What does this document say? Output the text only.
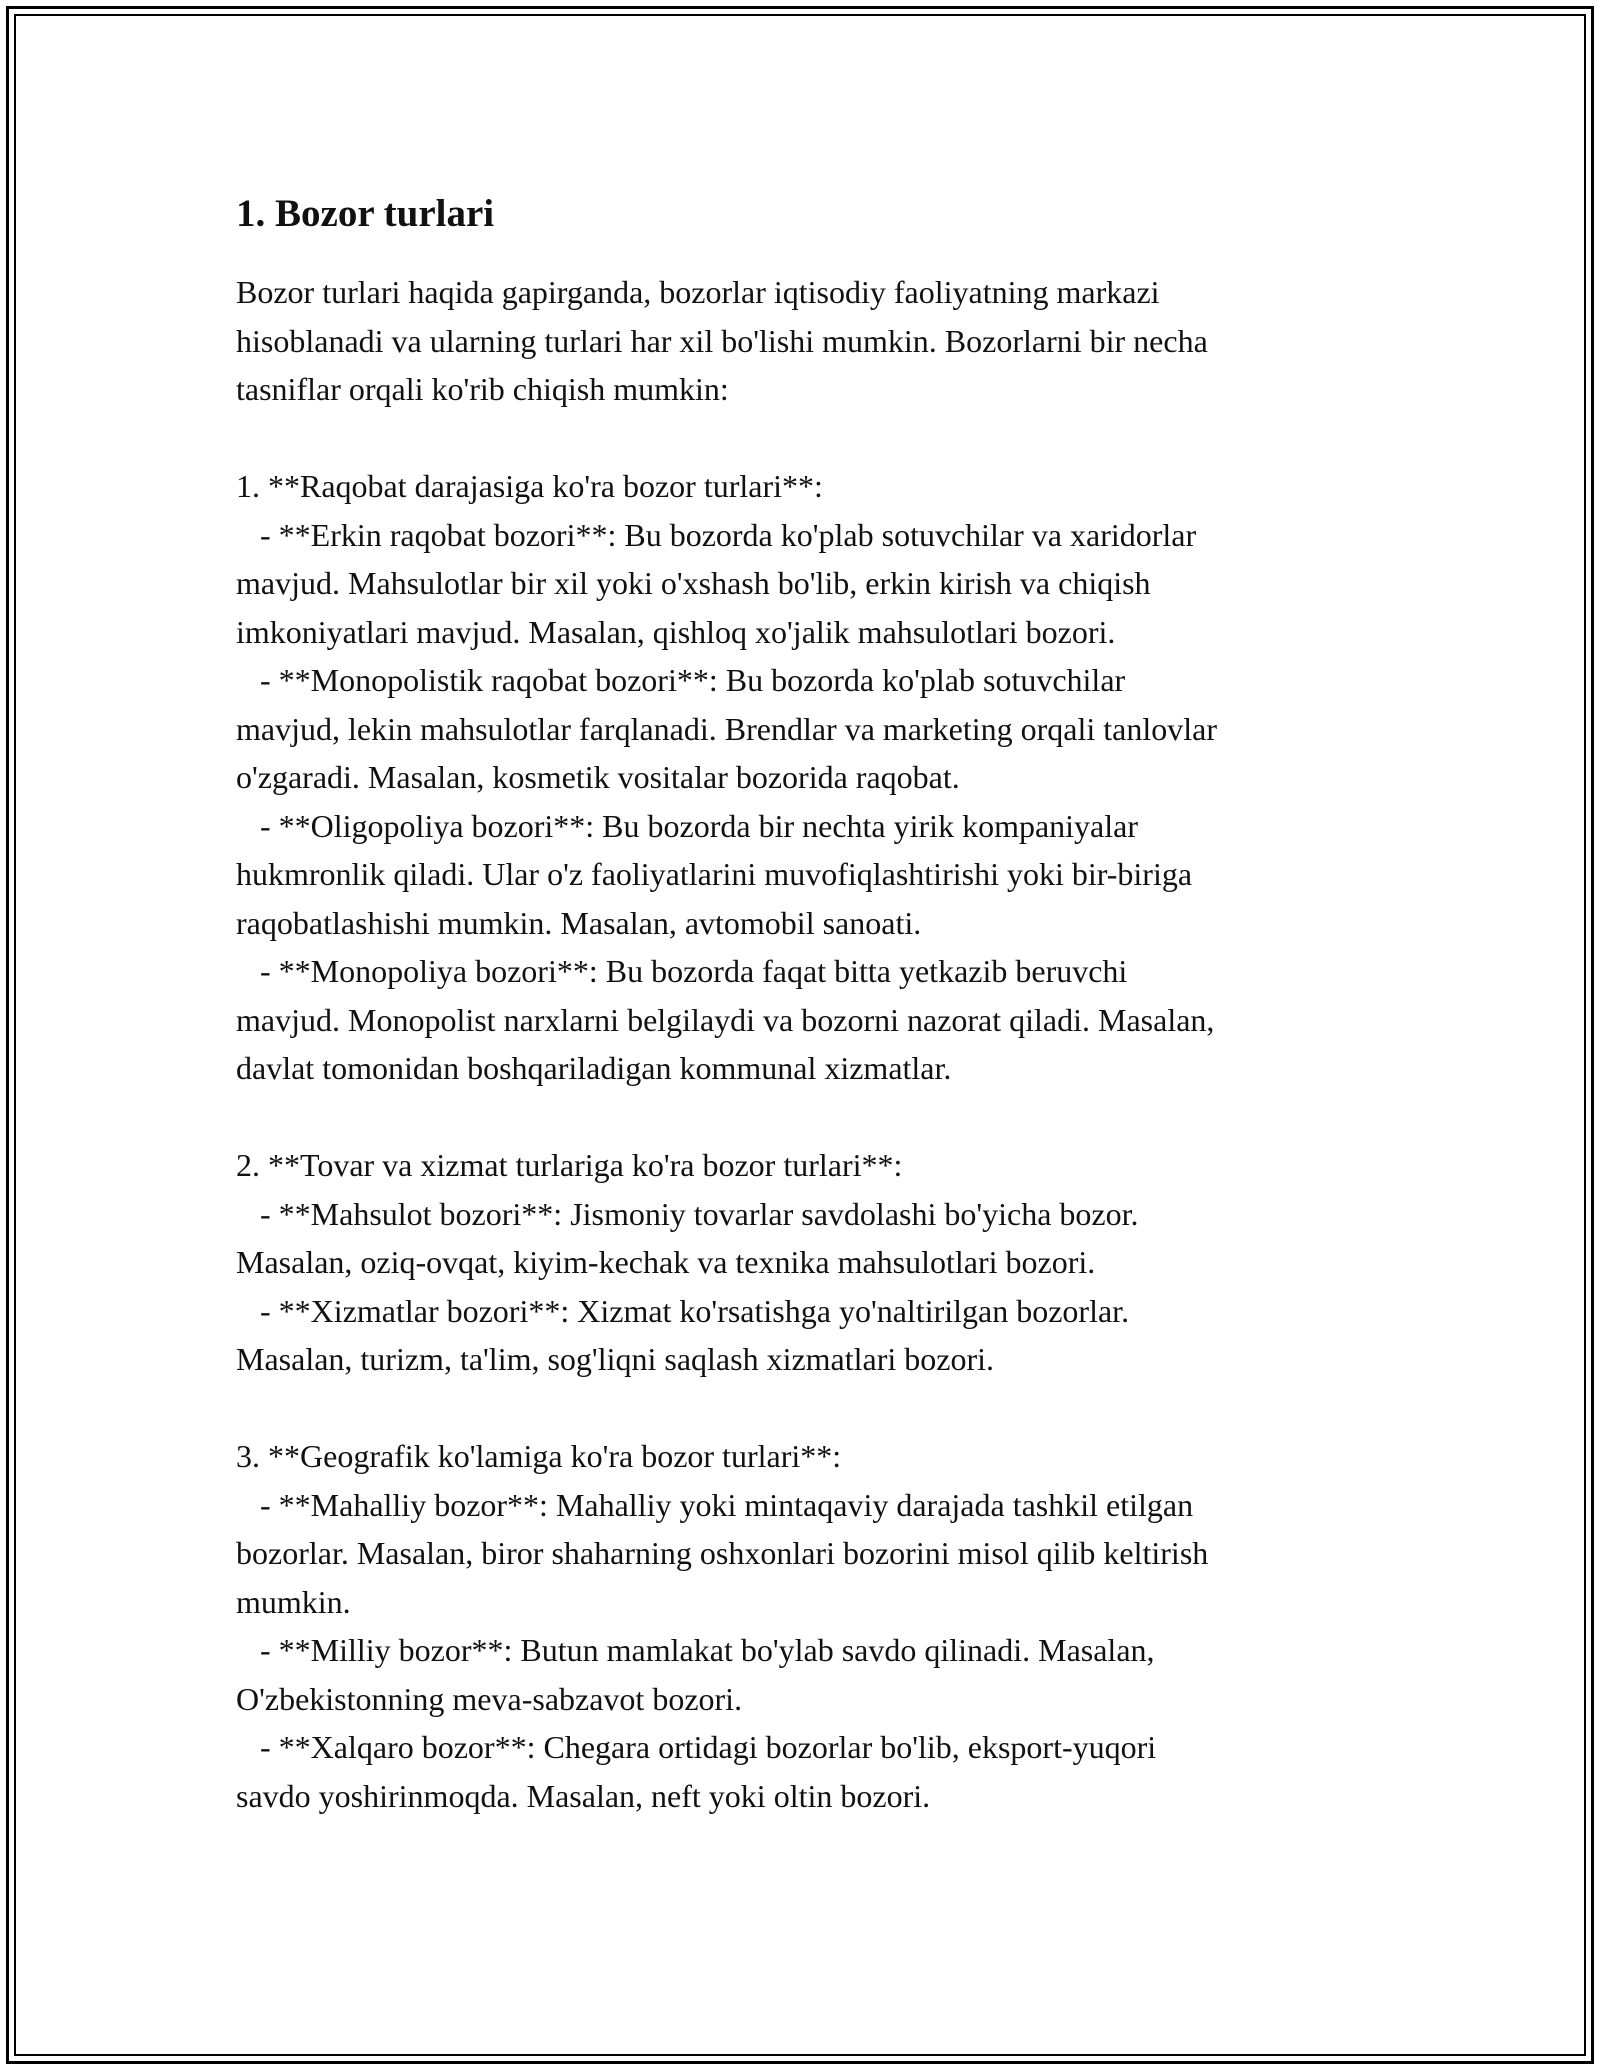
1. Bozor turlari

Bozor turlari haqida gapirganda, bozorlar iqtisodiy faoliyatning markazi
hisoblanadi va ularning turlari har xil bo'lishi mumkin. Bozorlarni bir necha
tasniflar orqali ko'rib chiqish mumkin:

1. **Raqobat darajasiga ko'ra bozor turlari**:
- **Erkin raqobat bozori**: Bu bozorda ko'plab sotuvchilar va xaridorlar
mavjud. Mahsulotlar bir xil yoki o'xshash bo'lib, erkin kirish va chiqish
imkoniyatlari mavjud. Masalan, qishloq xo'jalik mahsulotlari bozori.
- **Monopolistik raqobat bozori**: Bu bozorda ko'plab sotuvchilar
mavjud, lekin mahsulotlar farqlanadi. Brendlar va marketing orqali tanlovlar
o'zgaradi. Masalan, kosmetik vositalar bozorida raqobat.
- **Oligopoliya bozori**: Bu bozorda bir nechta yirik kompaniyalar
hukmronlik qiladi. Ular o'z faoliyatlarini muvofiqlashtirishi yoki bir-biriga
raqobatlashishi mumkin. Masalan, avtomobil sanoati.
- **Monopoliya bozori**: Bu bozorda faqat bitta yetkazib beruvchi
mavjud. Monopolist narxlarni belgilaydi va bozorni nazorat qiladi. Masalan,
davlat tomonidan boshqariladigan kommunal xizmatlar.

2. **Tovar va xizmat turlariga ko'ra bozor turlari**:
- **Mahsulot bozori**: Jismoniy tovarlar savdolashi bo'yicha bozor.
Masalan, oziq-ovqat, kiyim-kechak va texnika mahsulotlari bozori.
- **Xizmatlar bozori**: Xizmat ko'rsatishga yo'naltirilgan bozorlar.
Masalan, turizm, ta'lim, sog'liqni saqlash xizmatlari bozori.

3. **Geografik ko'lamiga ko'ra bozor turlari**:
- **Mahalliy bozor**: Mahalliy yoki mintaqaviy darajada tashkil etilgan
bozorlar. Masalan, biror shaharning oshxonlari bozorini misol qilib keltirish
mumkin.
- **Milliy bozor**: Butun mamlakat bo'ylab savdo qilinadi. Masalan,
O'zbekistonning meva-sabzavot bozori.
- **Xalqaro bozor**: Chegara ortidagi bozorlar bo'lib, eksport-yuqori
savdo yoshirinmoqda. Masalan, neft yoki oltin bozori.
